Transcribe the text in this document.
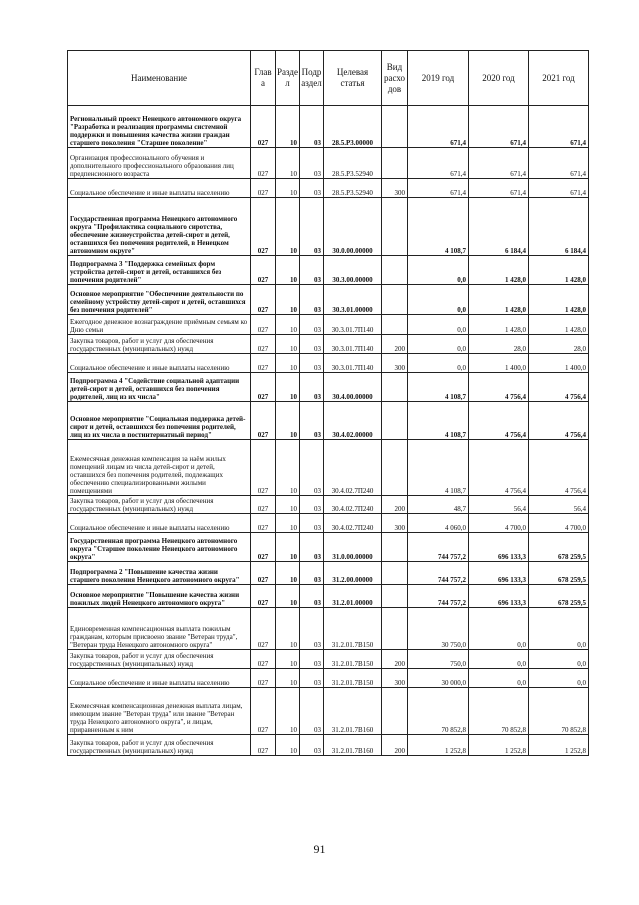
Наименование	Глав а	Разде л	Подр аздел	Целевая статья	Вид расхо дов	2019 год	2020 год	2021 год
Региональный проект Ненецкого автономного округа "Разработка и реализация программы системной поддержки и повышения качества жизни граждан старшего поколения "Старшее поколение"	027	10	03	28.5.P3.00000		671,4	671,4	671,4
Организация профессионального обучения и дополнительного профессионального образования лиц предпенсионного возраста	027	10	03	28.5.P3.52940		671,4	671,4	671,4
Социальное обеспечение и иные выплаты населению	027	10	03	28.5.P3.52940	300	671,4	671,4	671,4
Государственная программа Ненецкого автономного округа "Профилактика социального сиротства, обеспечение жизнеустройства детей-сирот и детей, оставшихся без попечения родителей, в Ненецком автономном округе"	027	10	03	30.0.00.00000		4 108,7	6 184,4	6 184,4
Подпрограмма 3 "Поддержка семейных форм устройства детей-сирот и детей, оставшихся без попечения родителей"	027	10	03	30.3.00.00000		0,0	1 428,0	1 428,0
Основное мероприятие "Обеспечение деятельности по семейному устройству детей-сирот и детей, оставшихся без попечения родителей"	027	10	03	30.3.01.00000		0,0	1 428,0	1 428,0
Ежегодное денежное вознаграждение приёмным семьям ко Дню семьи	027	10	03	30.3.01.7П140		0,0	1 428,0	1 428,0
Закупка товаров, работ и услуг для обеспечения государственных (муниципальных) нужд	027	10	03	30.3.01.7П140	200	0,0	28,0	28,0
Социальное обеспечение и иные выплаты населению	027	10	03	30.3.01.7П140	300	0,0	1 400,0	1 400,0
Подпрограмма 4 "Содействие социальной адаптации детей-сирот и детей, оставшихся без попечения родителей, лиц из их числа"	027	10	03	30.4.00.00000		4 108,7	4 756,4	4 756,4
Основное мероприятие "Социальная поддержка детей-сирот и детей, оставшихся без попечения родителей, лиц из их числа в постинтернатный период"	027	10	03	30.4.02.00000		4 108,7	4 756,4	4 756,4
Ежемесячная денежная компенсация за наём жилых помещений лицам из числа детей-сирот и детей, оставшихся без попечения родителей, подлежащих обеспечению специализированными жилыми помещениями	027	10	03	30.4.02.7П240		4 108,7	4 756,4	4 756,4
Закупка товаров, работ и услуг для обеспечения государственных (муниципальных) нужд	027	10	03	30.4.02.7П240	200	48,7	56,4	56,4
Социальное обеспечение и иные выплаты населению	027	10	03	30.4.02.7П240	300	4 060,0	4 700,0	4 700,0
Государственная программа Ненецкого автономного округа "Старшее поколение Ненецкого автономного округа"	027	10	03	31.0.00.00000		744 757,2	696 133,3	678 259,5
Подпрограмма 2 "Повышение качества жизни старшего поколения Ненецкого автономного округа"	027	10	03	31.2.00.00000		744 757,2	696 133,3	678 259,5
Основное мероприятие "Повышение качества жизни пожилых людей Ненецкого автономного округа"	027	10	03	31.2.01.00000		744 757,2	696 133,3	678 259,5
Единовременная компенсационная выплата пожилым гражданам, которым присвоено звание "Ветеран труда", "Ветеран труда Ненецкого автономного округа"	027	10	03	31.2.01.7В150		30 750,0	0,0	0,0
Закупка товаров, работ и услуг для обеспечения государственных (муниципальных) нужд	027	10	03	31.2.01.7В150	200	750,0	0,0	0,0
Социальное обеспечение и иные выплаты населению	027	10	03	31.2.01.7В150	300	30 000,0	0,0	0,0
Ежемесячная компенсационная денежная выплата лицам, имеющим звание "Ветеран труда" или звание "Ветеран труда Ненецкого автономного округа", и лицам, приравненным к ним	027	10	03	31.2.01.7В160		70 852,8	70 852,8	70 852,8
Закупка товаров, работ и услуг для обеспечения государственных (муниципальных) нужд	027	10	03	31.2.01.7В160	200	1 252,8	1 252,8	1 252,8
91
